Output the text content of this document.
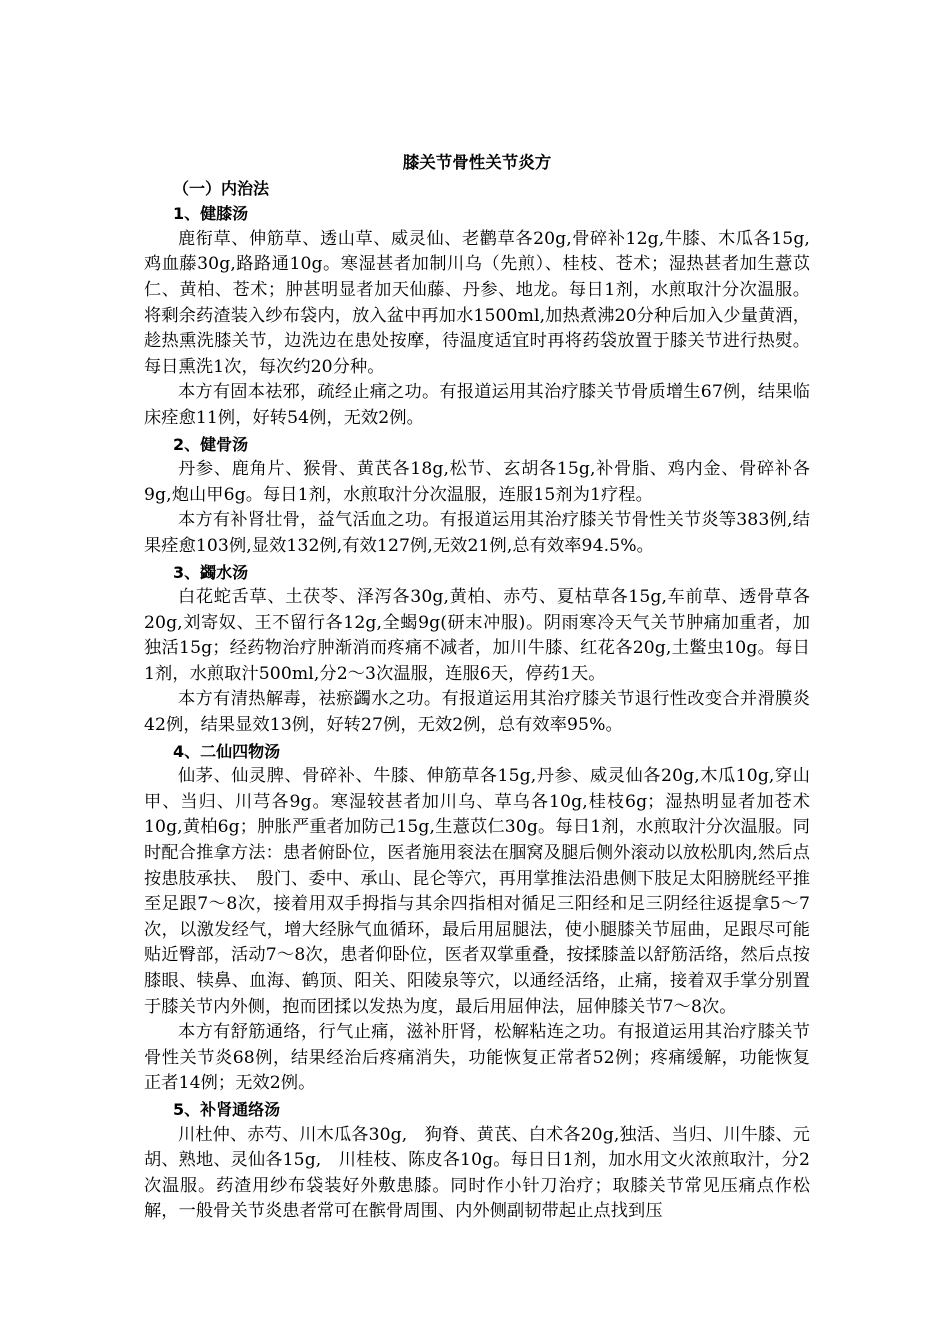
膝关节骨性关节炎方
（一）内治法
1、健膝汤

鹿衔草、伸筋草、透山草、威灵仙、老鹳草各20g,骨碎补12g,牛膝、木瓜各15g,鸡血藤30g,路路通10g。寒湿甚者加制川乌（先煎）、桂枝、苍术；湿热甚者加生薏苡仁、黄柏、苍术；肿甚明显者加天仙藤、丹参、地龙。每日1剂，水煎取汁分次温服。将剩余药渣装入纱布袋内，放入盆中再加水1500ml,加热煮沸20分种后加入少量黄酒，趁热熏洗膝关节，边洗边在患处按摩，待温度适宜时再将药袋放置于膝关节进行热熨。每日熏洗1次，每次约20分种。

本方有固本祛邪，疏经止痛之功。有报道运用其治疗膝关节骨质增生67例，结果临床痊愈11例，好转54例，无效2例。

2、健骨汤

丹参、鹿角片、猴骨、黄芪各18g,松节、玄胡各15g,补骨脂、鸡内金、骨碎补各9g,炮山甲6g。每日1剂，水煎取汁分次温服，连服15剂为1疗程。

本方有补肾壮骨，益气活血之功。有报道运用其治疗膝关节骨性关节炎等383例,结果痊愈103例,显效132例,有效127例,无效21例,总有效率94.5%。

3、蠲水汤

白花蛇舌草、土茯苓、泽泻各30g,黄柏、赤芍、夏枯草各15g,车前草、透骨草各20g,刘寄奴、王不留行各12g,全蝎9g(研末冲服)。阴雨寒冷天气关节肿痛加重者，加独活15g；经药物治疗肿渐消而疼痛不减者，加川牛膝、红花各20g,土鳖虫10g。每日1剂，水煎取汁500ml,分2～3次温服，连服6天，停药1天。

本方有清热解毒，祛瘀蠲水之功。有报道运用其治疗膝关节退行性改变合并滑膜炎42例，结果显效13例，好转27例，无效2例，总有效率95%。

4、二仙四物汤

仙茅、仙灵脾、骨碎补、牛膝、伸筋草各15g,丹参、威灵仙各20g,木瓜10g,穿山甲、当归、川芎各9g。寒湿较甚者加川乌、草乌各10g,桂枝6g；湿热明显者加苍术10g,黄柏6g；肿胀严重者加防己15g,生薏苡仁30g。每日1剂，水煎取汁分次温服。同时配合推拿方法：患者俯卧位，医者施用衮法在腘窝及腿后侧外滚动以放松肌肉,然后点按患肢承扶、　殷门、委中、承山、昆仑等穴，再用掌推法沿患侧下肢足太阳膀胱经平推至足跟7～8次，接着用双手拇指与其余四指相对循足三阳经和足三阴经往返提拿5～7次，以激发经气，增大经脉气血循环，最后用屈腿法，使小腿膝关节屈曲，足跟尽可能贴近臀部，活动7～8次，患者仰卧位，医者双掌重叠，按揉膝盖以舒筋活络，然后点按膝眼、犊鼻、血海、鹤顶、阳关、阳陵泉等穴，以通经活络，止痛，接着双手掌分别置于膝关节内外侧，抱而团揉以发热为度，最后用屈伸法，屈伸膝关节7～8次。

本方有舒筋通络，行气止痛，滋补肝肾，松解粘连之功。有报道运用其治疗膝关节骨性关节炎68例，结果经治后疼痛消失，功能恢复正常者52例；疼痛缓解，功能恢复正者14例；无效2例。

5、补肾通络汤

川杜仲、赤芍、川木瓜各30g,　狗脊、黄芪、白术各20g,独活、当归、川牛膝、元胡、熟地、灵仙各15g,　川桂枝、陈皮各10g。每日日1剂，加水用文火浓煎取汁，分2次温服。药渣用纱布袋装好外敷患膝。同时作小针刀治疗；取膝关节常见压痛点作松解，一般骨关节炎患者常可在髌骨周围、内外侧副韧带起止点找到压
